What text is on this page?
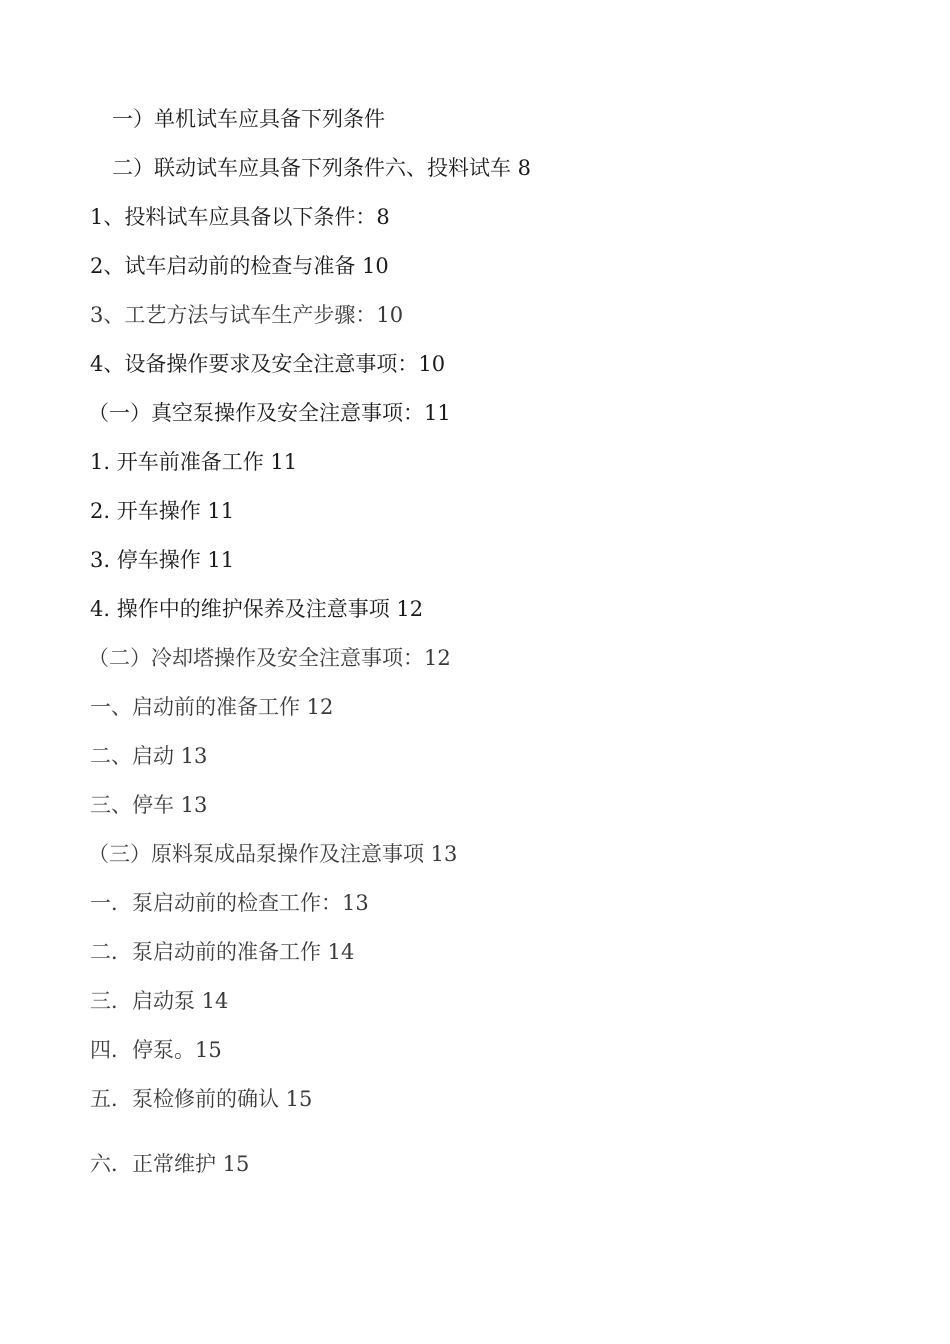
一）单机试车应具备下列条件
二）联动试车应具备下列条件六、投料试车 8
1、投料试车应具备以下条件：8
2、试车启动前的检查与准备 10
3、工艺方法与试车生产步骤：10
4、设备操作要求及安全注意事项：10
（一）真空泵操作及安全注意事项：11
1. 开车前准备工作 11
2. 开车操作 11
3. 停车操作 11
4. 操作中的维护保养及注意事项 12
（二）冷却塔操作及安全注意事项：12
一、启动前的准备工作 12
二、启动 13
三、停车 13
（三）原料泵成品泵操作及注意事项 13
一．泵启动前的检查工作：13
二．泵启动前的准备工作 14
三．启动泵 14
四．停泵。15
五．泵检修前的确认 15
六．正常维护 15
